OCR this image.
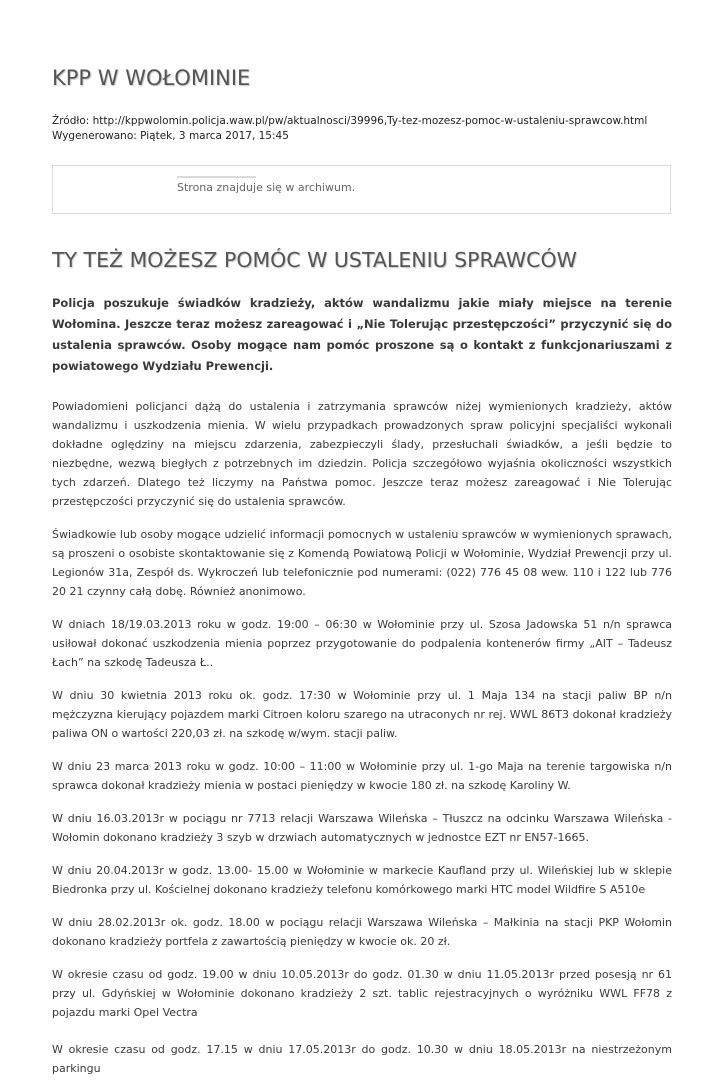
KPP W WOŁOMINIE
Źródło: http://kppwolomin.policja.waw.pl/pw/aktualnosci/39996,Ty-tez-mozesz-pomoc-w-ustaleniu-sprawcow.html
Wygenerowano: Piątek, 3 marca 2017, 15:45
Strona znajduje się w archiwum.
TY TEŻ MOŻESZ POMÓC W USTALENIU SPRAWCÓW

Policja poszukuje świadków kradzieży, aktów wandalizmu jakie miały miejsce na terenie Wołomina. Jeszcze teraz możesz zareagować i „Nie Tolerując przestępczości” przyczynić się do ustalenia sprawców. Osoby mogące nam pomóc proszone są o kontakt z funkcjonariuszami z powiatowego Wydziału Prewencji.

Powiadomieni policjanci dążą do ustalenia i zatrzymania sprawców niżej wymienionych kradzieży, aktów wandalizmu i uszkodzenia mienia. W wielu przypadkach prowadzonych spraw policyjni specjaliści wykonali dokładne oględziny na miejscu zdarzenia, zabezpieczyli ślady, przesłuchali świadków, a jeśli będzie to niezbędne, wezwą biegłych z potrzebnych im dziedzin. Policja szczegółowo wyjaśnia okoliczności wszystkich tych zdarzeń. Dlatego też liczymy na Państwa pomoc. Jeszcze teraz możesz zareagować i Nie Tolerując przestępczości przyczynić się do ustalenia sprawców.

Świadkowie lub osoby mogące udzielić informacji pomocnych w ustaleniu sprawców w wymienionych sprawach, są proszeni o osobiste skontaktowanie się z Komendą Powiatową Policji w Wołominie, Wydział Prewencji przy ul. Legionów 31a, Zespół ds. Wykroczeń lub telefonicznie pod numerami: (022) 776 45 08 wew. 110 i 122 lub 776 20 21 czynny całą dobę. Również anonimowo.

W dniach 18/19.03.2013 roku w godz. 19:00 – 06:30 w Wołominie przy ul. Szosa Jadowska 51 n/n sprawca usiłował dokonać uszkodzenia mienia poprzez przygotowanie do podpalenia kontenerów firmy „AIT – Tadeusz Łach” na szkodę Tadeusza Ł..

W dniu 30 kwietnia 2013 roku ok. godz. 17:30 w Wołominie przy ul. 1 Maja 134 na stacji paliw BP n/n mężczyzna kierujący pojazdem marki Citroen koloru szarego na utraconych nr rej. WWL 86T3 dokonał kradzieży paliwa ON o wartości 220,03 zł. na szkodę w/wym. stacji paliw.

W dniu 23 marca 2013 roku w godz. 10:00 – 11:00 w Wołominie przy ul. 1-go Maja na terenie targowiska n/n sprawca dokonał kradzieży mienia w postaci pieniędzy w kwocie 180 zł. na szkodę Karoliny W.

W dniu 16.03.2013r w pociągu nr 7713 relacji Warszawa Wileńska – Tłuszcz na odcinku Warszawa Wileńska - Wołomin dokonano kradzieży 3 szyb w drzwiach automatycznych w jednostce EZT nr EN57-1665.

W dniu 20.04.2013r w godz. 13.00- 15.00 w Wołominie w markecie Kaufland przy ul. Wileńskiej lub w sklepie Biedronka przy ul. Kościelnej dokonano kradzieży telefonu komórkowego marki HTC model Wildfire S A510e

W dniu 28.02.2013r ok. godz. 18.00 w pociągu relacji Warszawa Wileńska – Małkinia na stacji PKP Wołomin dokonano kradzieży portfela z zawartością pieniędzy w kwocie ok. 20 zł.

W okresie czasu od godz. 19.00 w dniu 10.05.2013r do godz. 01.30 w dniu 11.05.2013r przed posesją nr 61 przy ul. Gdyńskiej w Wołominie dokonano kradzieży 2 szt. tablic rejestracyjnych o wyróżniku WWL FF78 z pojazdu marki Opel Vectra

W okresie czasu od godz. 17.15 w dniu 17.05.2013r do godz. 10.30 w dniu 18.05.2013r na niestrzeżonym parkingu
